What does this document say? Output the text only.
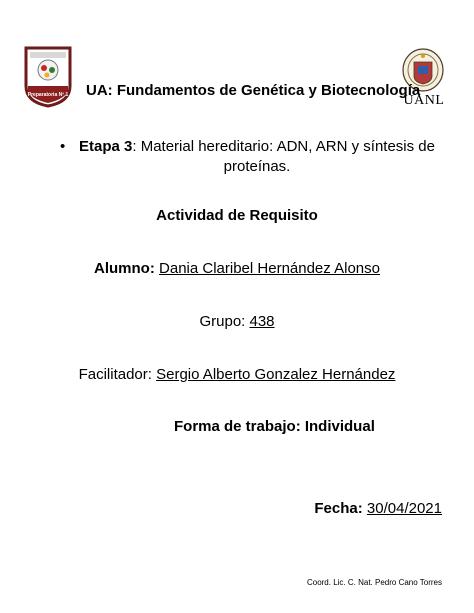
Preparatoria Nº 1	UANL
UA: Fundamentos de Genética y Biotecnología
• Etapa 3: Material hereditario: ADN, ARN y síntesis de
proteínas.
Actividad de Requisito
Alumno: Dania Claribel Hernández Alonso
Grupo: 438
Facilitador: Sergio Alberto Gonzalez Hernández
Forma de trabajo: Individual
Fecha: 30/04/2021
Coord. Lic. C. Nat. Pedro Cano Torres
